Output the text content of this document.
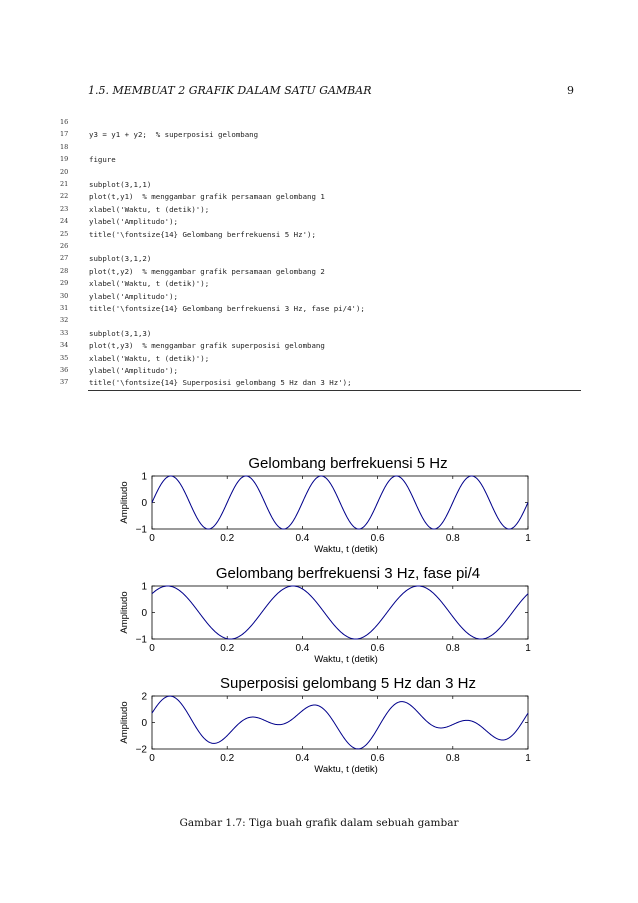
1.5. MEMBUAT 2 GRAFIK DALAM SATU GAMBAR	9
16
17	y3 = y1 + y2;  % superposisi gelombang
18
19	figure
20
21	subplot(3,1,1)
22	plot(t,y1)  % menggambar grafik persamaan gelombang 1
23	xlabel('Waktu, t (detik)');
24	ylabel('Amplitudo');
25	title('\fontsize{14} Gelombang berfrekuensi 5 Hz');
26
27	subplot(3,1,2)
28	plot(t,y2)  % menggambar grafik persamaan gelombang 2
29	xlabel('Waktu, t (detik)');
30	ylabel('Amplitudo');
31	title('\fontsize{14} Gelombang berfrekuensi 3 Hz, fase pi/4');
32
33	subplot(3,1,3)
34	plot(t,y3)  % menggambar grafik superposisi gelombang
35	xlabel('Waktu, t (detik)');
36	ylabel('Amplitudo');
37	title('\fontsize{14} Superposisi gelombang 5 Hz dan 3 Hz');
Gelombang berfrekuensi 5 Hz
0	0.2	0.4	0.6	0.8	1
−1
0
1
Waktu, t (detik)
Amplitudo
Gelombang berfrekuensi 3 Hz, fase pi/4
0	0.2	0.4	0.6	0.8	1
−1
0
1
Waktu, t (detik)
Amplitudo
Superposisi gelombang 5 Hz dan 3 Hz
0	0.2	0.4	0.6	0.8	1
−2
0
2
Waktu, t (detik)
Amplitudo
Gambar 1.7: Tiga buah grafik dalam sebuah gambar
